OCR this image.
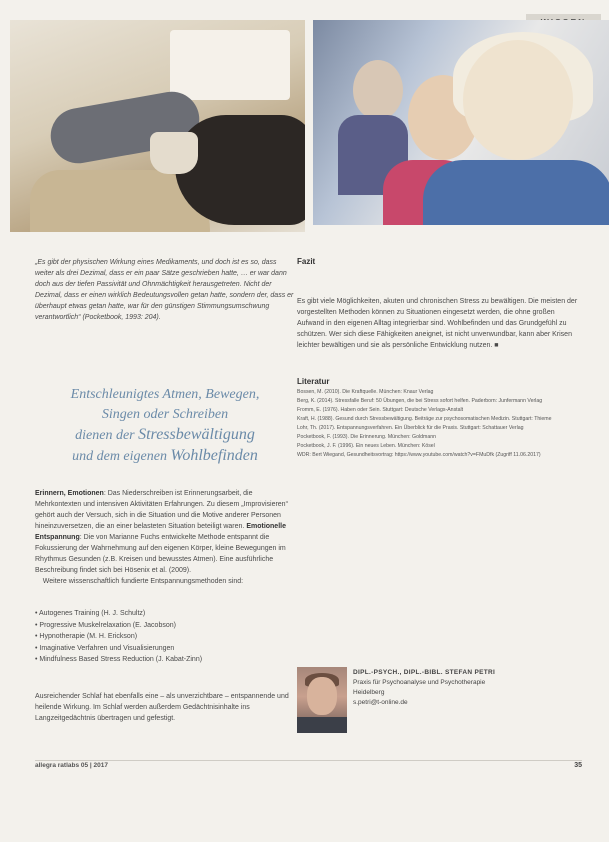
„Es gibt der physischen Wirkung eines Medikaments, und doch ist es so, dass weiter als drei Dezimal, dass er ein paar Sätze geschrieben hatte, … er war dann doch aus der tiefen Passivität und Ohnmächtigkeit herausgetreten. Nicht der Dezimal, dass er einen wirklich Bedeutungsvollen getan hatte, sondern der, dass er überhaupt etwas getan hatte, war für den günstigen Stimmungsumschwung verantwortlich“ (Pocketbook, 1993: 204).

Entschleunigtes Atmen, Bewegen,
Singen oder Schreiben
dienen der Stressbewältigung
und dem eigenen Wohlbefinden

Erinnern, Emotionen: Das Niederschreiben ist Erinnerungsarbeit, die Mehrkontexten und intensiven Aktivitäten Erfahrungen. Zu diesem „Improvisieren“ gehört auch der Versuch, sich in die Situation und die Motive anderer Personen hineinzuversetzen, die an einer belasteten Situation beteiligt waren. Emotionelle Entspannung: Die von Marianne Fuchs entwickelte Methode entspannt die Fokussierung der Wahrnehmung auf den eigenen Körper, kleine Bewegungen im Rhythmus Gesunden (z.B. Kreisen und bewusstes Atmen). Eine ausführliche Beschreibung findet sich bei Hösenix et al. (2009).
Weitere wissenschaftlich fundierte Entspannungsmethoden sind:

• Autogenes Training (H. J. Schultz)
• Progressive Muskelrelaxation (E. Jacobson)
• Hypnotherapie (M. H. Erickson)
• Imaginative Verfahren und Visualisierungen
• Mindfulness Based Stress Reduction (J. Kabat-Zinn)

Ausreichender Schlaf hat ebenfalls eine – als unverzichtbare – entspannende und heilende Wirkung. Im Schlaf werden außerdem Gedächtnisinhalte ins Langzeitgedächtnis übertragen und gefestigt.

Fazit

Es gibt viele Möglichkeiten, akuten und chronischen Stress zu bewältigen. Die meisten der vorgestellten Methoden können zu Situationen eingesetzt werden, die ohne großen Aufwand in den eigenen Alltag integrierbar sind. Wohlbefinden und das Grundgefühl zu schützen. Wer sich diese Fähigkeiten aneignet, ist nicht unverwundbar, kann aber Krisen leichter bewältigen und sie als persönliche Entwicklung nutzen. ■

Literatur
Bossen, M. (2010). Die Kraftquelle. München: Knaur Verlag
Berg, K. (2014). Stressfalle Beruf: 50 Übungen, die bei Stress sofort helfen. Paderborn: Junfermann Verlag
Fromm, E. (1976). Haben oder Sein. Stuttgart: Deutsche Verlags-Anstalt
Kraft, H. (1988). Gesund durch Stressbewältigung. Beiträge zur psychosomatischen Medizin. Stuttgart: Thieme
Lohr, Th. (2017). Entspannungsverfahren. Ein Überblick für die Praxis. Stuttgart: Schattauer Verlag
Pocketbook, F. (1993). Die Erinnerung. München: Goldmann
Pocketbook, J. F. (1996). Ein neues Leben. München: Kösel
WDR: Bert Wiegand, Gesundheitsvortrag: https://www.youtube.com/watch?v=FMuDfk (Zugriff 11.06.2017)
DIPL.-PSYCH., DIPL.-BIBL. STEFAN PETRI
Praxis für Psychoanalyse und Psychotherapie
Heidelberg
s.petri@t-online.de
allegra ratlabs 05 | 2017	35
